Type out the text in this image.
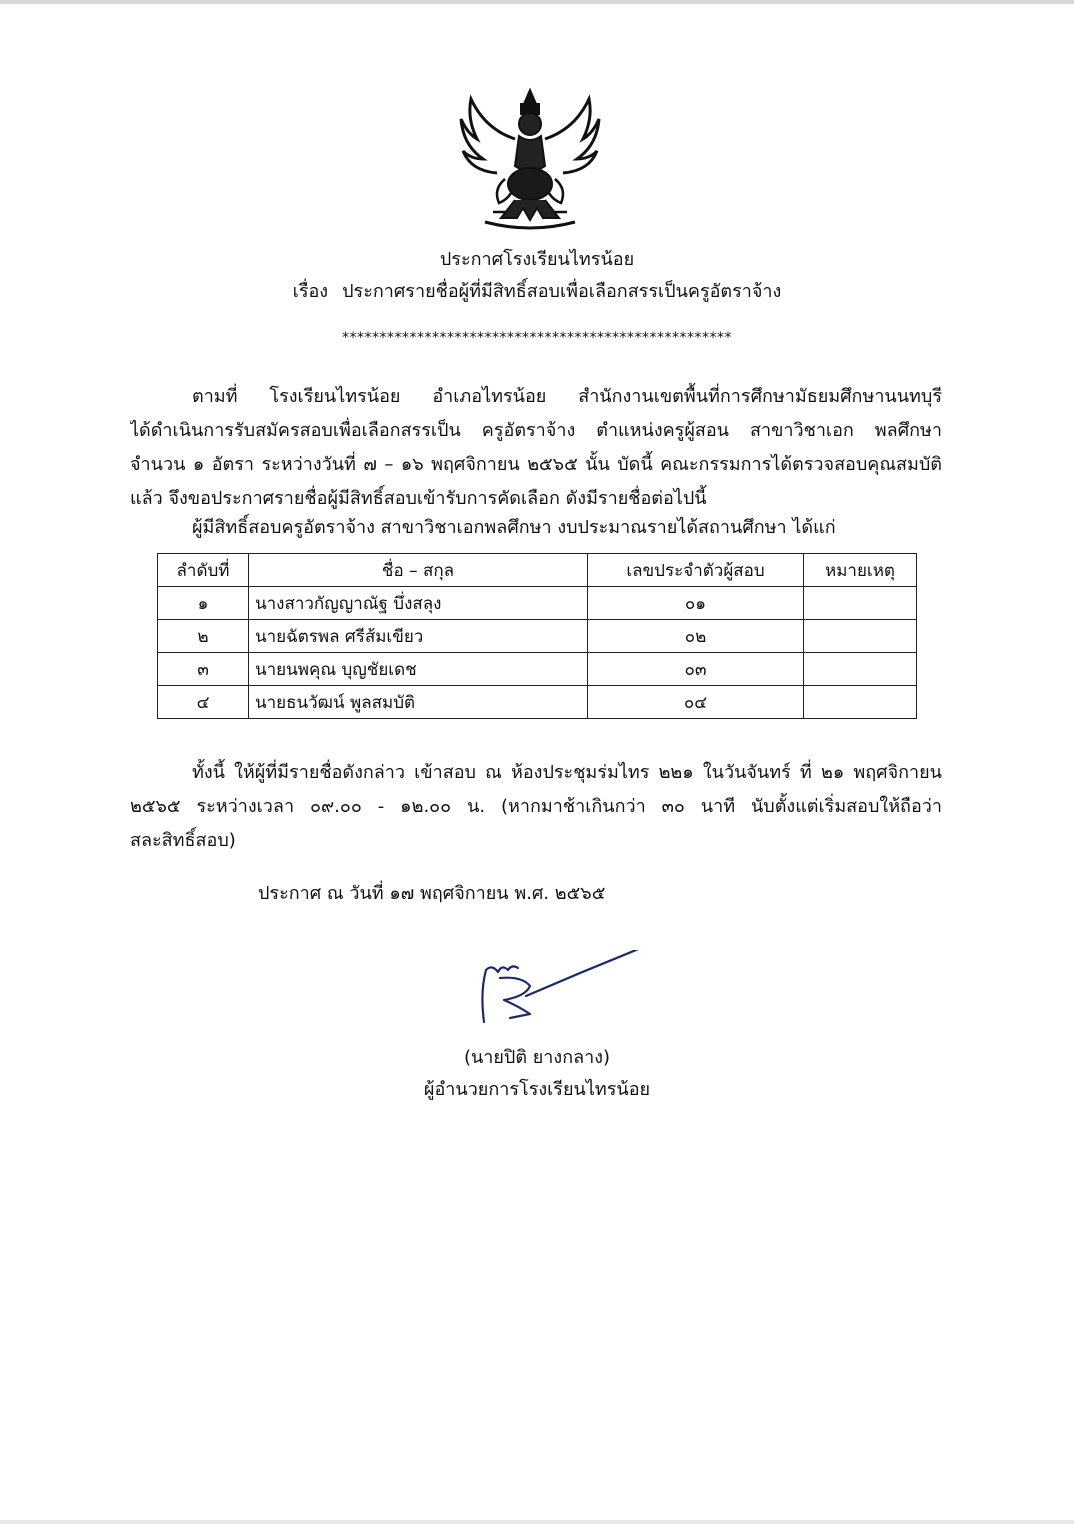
ประกาศโรงเรียนไทรน้อย
เรื่อง ประกาศรายชื่อผู้ที่มีสิทธิ์สอบเพื่อเลือกสรรเป็นครูอัตราจ้าง
****************************************************
ตามที่ โรงเรียนไทรน้อย อำเภอไทรน้อย สำนักงานเขตพื้นที่การศึกษามัธยมศึกษานนทบุรี
ได้ดำเนินการรับสมัครสอบเพื่อเลือกสรรเป็น ครูอัตราจ้าง ตำแหน่งครูผู้สอน สาขาวิชาเอก พลศึกษา
จำนวน ๑ อัตรา ระหว่างวันที่ ๗ – ๑๖ พฤศจิกายน ๒๕๖๕ นั้น บัดนี้ คณะกรรมการได้ตรวจสอบคุณสมบัติ
แล้ว จึงขอประกาศรายชื่อผู้มีสิทธิ์สอบเข้ารับการคัดเลือก ดังมีรายชื่อต่อไปนี้
ผู้มีสิทธิ์สอบครูอัตราจ้าง สาขาวิชาเอกพลศึกษา งบประมาณรายได้สถานศึกษา ได้แก่
ลำดับที่	ชื่อ – สกุล	เลขประจำตัวผู้สอบ	หมายเหตุ
๑	นางสาวกัญญาณัฐ บึ่งสลุง	๐๑	
๒	นายฉัตรพล ศรีส้มเขียว	๐๒	
๓	นายนพคุณ บุญชัยเดช	๐๓	
๔	นายธนวัฒน์ พูลสมบัติ	๐๔	
ทั้งนี้ ให้ผู้ที่มีรายชื่อดังกล่าว เข้าสอบ ณ ห้องประชุมร่มไทร ๒๒๑ ในวันจันทร์ ที่ ๒๑ พฤศจิกายน
๒๕๖๕ ระหว่างเวลา ๐๙.๐๐ - ๑๒.๐๐ น. (หากมาช้าเกินกว่า ๓๐ นาที นับตั้งแต่เริ่มสอบให้ถือว่า
สละสิทธิ์สอบ)
ประกาศ ณ วันที่ ๑๗ พฤศจิกายน พ.ศ. ๒๕๖๕
(นายปิติ ยางกลาง)
ผู้อำนวยการโรงเรียนไทรน้อย
